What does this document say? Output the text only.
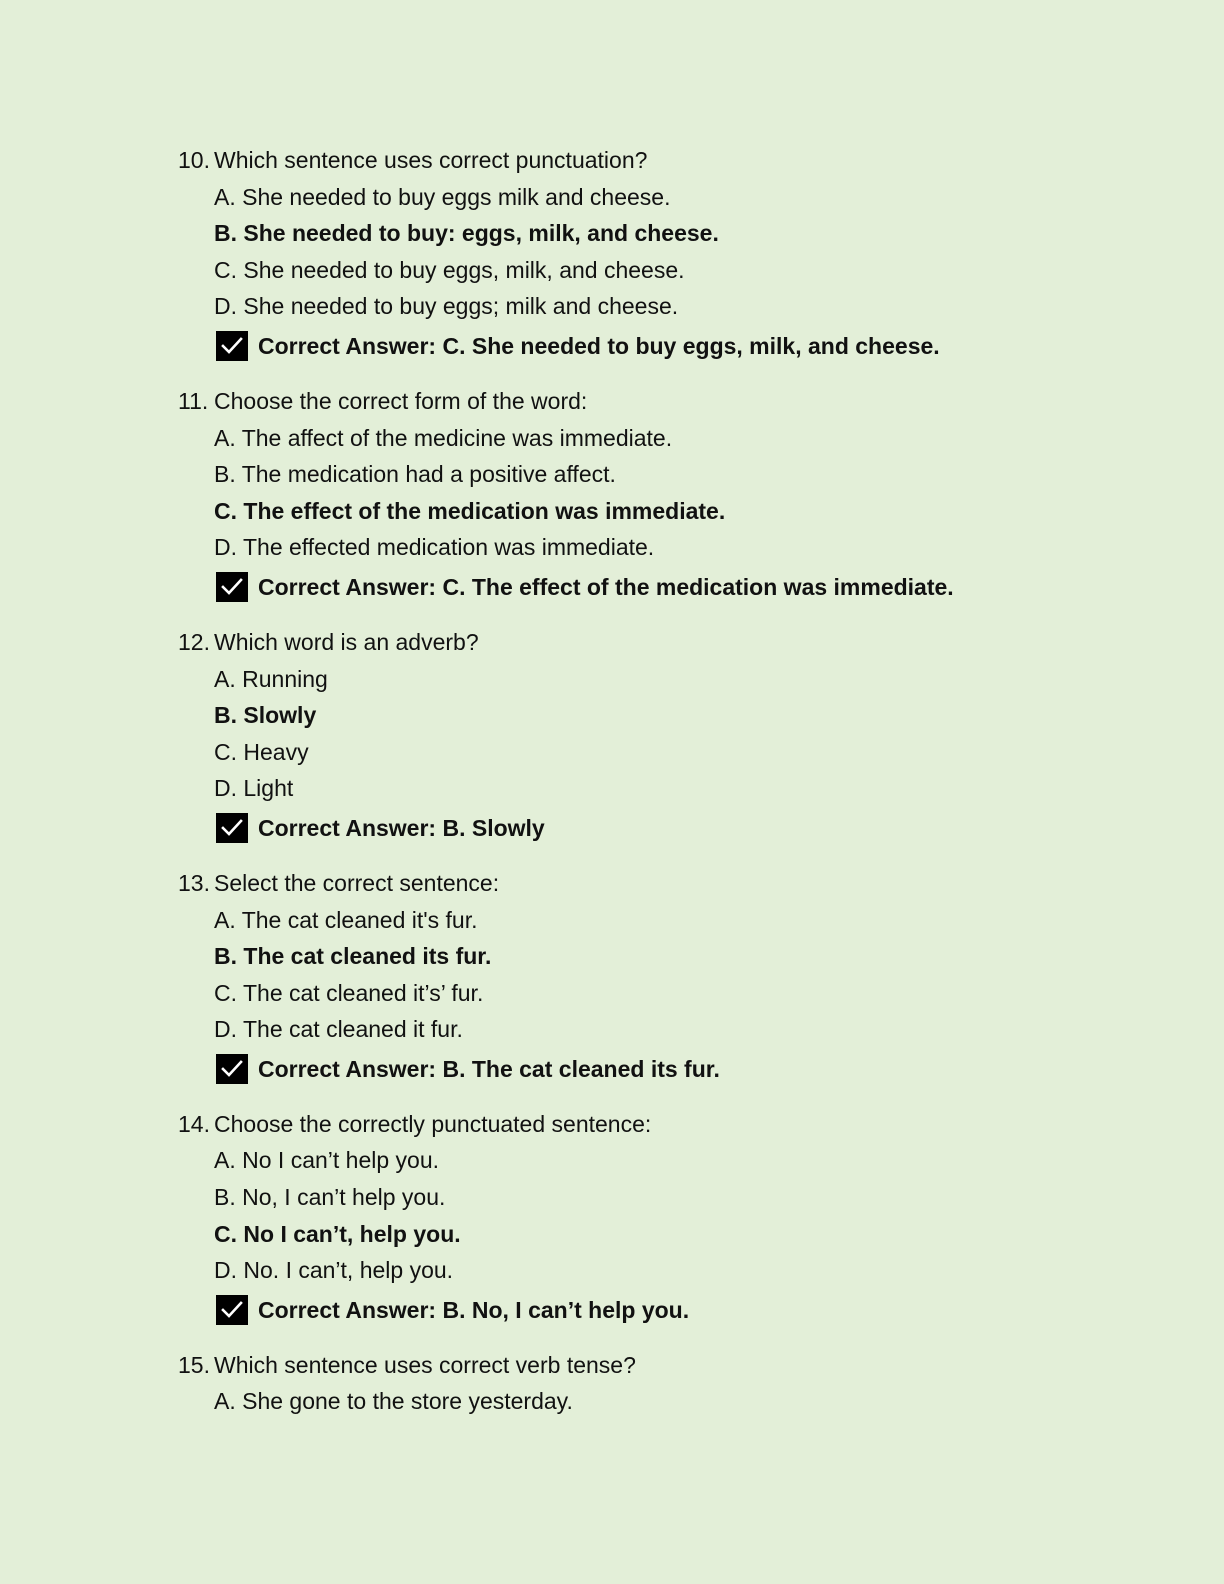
10. Which sentence uses correct punctuation?
A. She needed to buy eggs milk and cheese.
B. She needed to buy: eggs, milk, and cheese.
C. She needed to buy eggs, milk, and cheese.
D. She needed to buy eggs; milk and cheese.
Correct Answer: C. She needed to buy eggs, milk, and cheese.
11. Choose the correct form of the word:
A. The affect of the medicine was immediate.
B. The medication had a positive affect.
C. The effect of the medication was immediate.
D. The effected medication was immediate.
Correct Answer: C. The effect of the medication was immediate.
12. Which word is an adverb?
A. Running
B. Slowly
C. Heavy
D. Light
Correct Answer: B. Slowly
13. Select the correct sentence:
A. The cat cleaned it's fur.
B. The cat cleaned its fur.
C. The cat cleaned it’s’ fur.
D. The cat cleaned it fur.
Correct Answer: B. The cat cleaned its fur.
14. Choose the correctly punctuated sentence:
A. No I can’t help you.
B. No, I can’t help you.
C. No I can’t, help you.
D. No. I can’t, help you.
Correct Answer: B. No, I can’t help you.
15. Which sentence uses correct verb tense?
A. She gone to the store yesterday.
